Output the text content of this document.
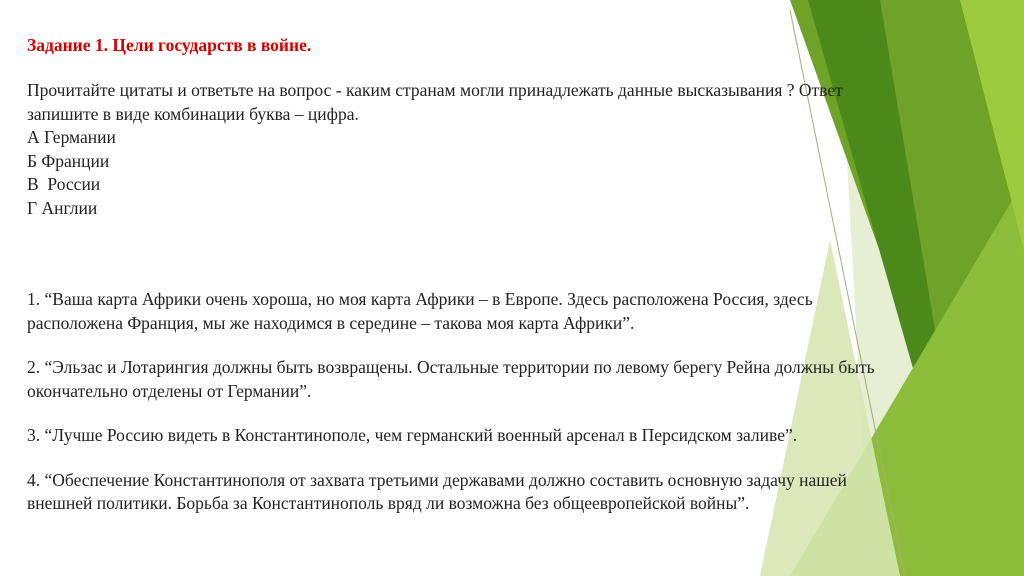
Задание 1. Цели государств в войне.
Прочитайте цитаты и ответьте на вопрос - каким странам могли принадлежать данные высказывания ? Ответ
запишите в виде комбинации буква – цифра.
А Германии
Б Франции
В  России
Г Англии
1. “Ваша карта Африки очень хороша, но моя карта Африки – в Европе. Здесь расположена Россия, здесь
расположена Франция, мы же находимся в середине – такова моя карта Африки”.
2. “Эльзас и Лотарингия должны быть возвращены. Остальные территории по левому берегу Рейна должны быть
окончательно отделены от Германии”.
3. “Лучше Россию видеть в Константинополе, чем германский военный арсенал в Персидском заливе”.
4. “Обеспечение Константинополя от захвата третьими державами должно составить основную задачу нашей
внешней политики. Борьба за Константинополь вряд ли возможна без общеевропейской войны”.
